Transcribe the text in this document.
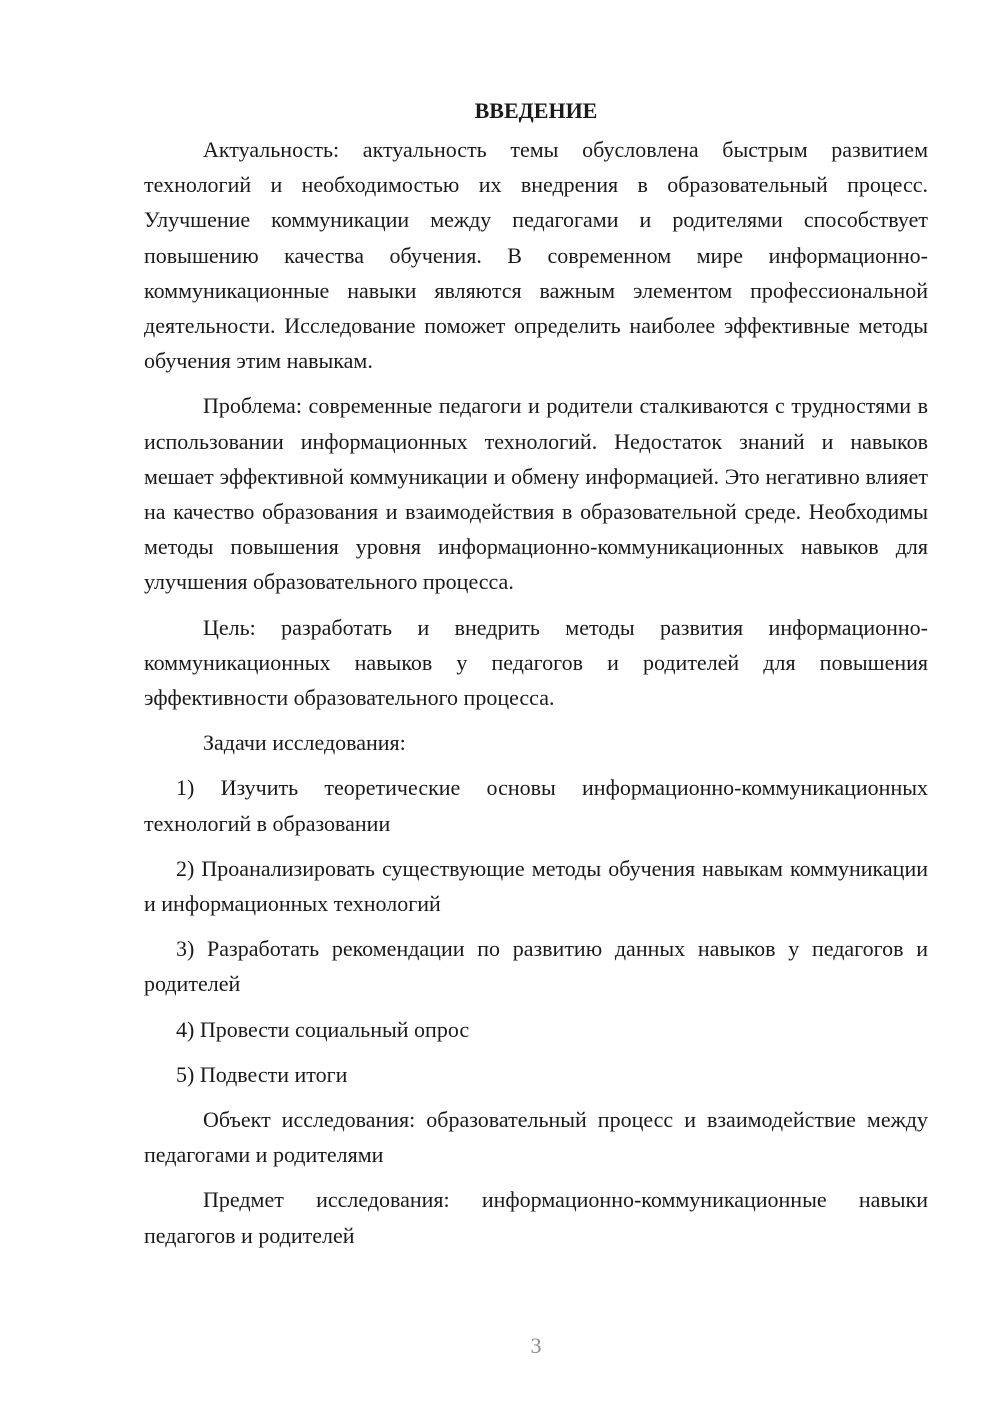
ВВЕДЕНИЕ

Актуальность: актуальность темы обусловлена быстрым развитием технологий и необходимостью их внедрения в образовательный процесс. Улучшение коммуникации между педагогами и родителями способствует повышению качества обучения. В современном мире информационно-коммуникационные навыки являются важным элементом профессиональной деятельности. Исследование поможет определить наиболее эффективные методы обучения этим навыкам.

Проблема: современные педагоги и родители сталкиваются с трудностями в использовании информационных технологий. Недостаток знаний и навыков мешает эффективной коммуникации и обмену информацией. Это негативно влияет на качество образования и взаимодействия в образовательной среде. Необходимы методы повышения уровня информационно-коммуникационных навыков для улучшения образовательного процесса.

Цель: разработать и внедрить методы развития информационно-коммуникационных навыков у педагогов и родителей для повышения эффективности образовательного процесса.

Задачи исследования:

1) Изучить теоретические основы информационно-коммуникационных технологий в образовании

2) Проанализировать существующие методы обучения навыкам коммуникации и информационных технологий

3) Разработать рекомендации по развитию данных навыков у педагогов и родителей

4) Провести социальный опрос

5) Подвести итоги

Объект исследования: образовательный процесс и взаимодействие между педагогами и родителями

Предмет исследования: информационно-коммуникационные навыки педагогов и родителей

3
